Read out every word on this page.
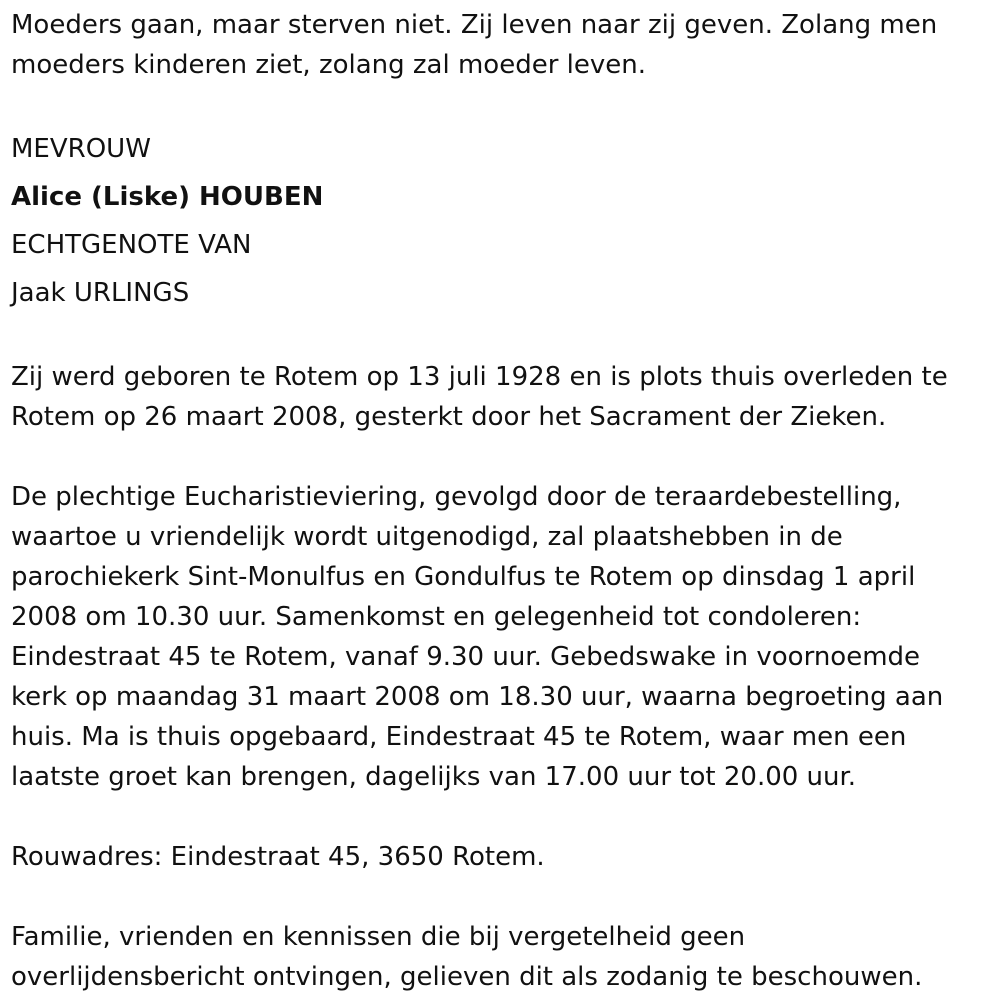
Moeders gaan, maar sterven niet. Zij leven naar zij geven. Zolang men
moeders kinderen ziet, zolang zal moeder leven.

MEVROUW

Alice (Liske) HOUBEN

ECHTGENOTE VAN

Jaak URLINGS

Zij werd geboren te Rotem op 13 juli 1928 en is plots thuis overleden te
Rotem op 26 maart 2008, gesterkt door het Sacrament der Zieken.

De plechtige Eucharistieviering, gevolgd door de teraardebestelling,
waartoe u vriendelijk wordt uitgenodigd, zal plaatshebben in de
parochiekerk Sint-Monulfus en Gondulfus te Rotem op dinsdag 1 april
2008 om 10.30 uur. Samenkomst en gelegenheid tot condoleren:
Eindestraat 45 te Rotem, vanaf 9.30 uur. Gebedswake in voornoemde
kerk op maandag 31 maart 2008 om 18.30 uur, waarna begroeting aan
huis. Ma is thuis opgebaard, Eindestraat 45 te Rotem, waar men een
laatste groet kan brengen, dagelijks van 17.00 uur tot 20.00 uur.

Rouwadres: Eindestraat 45, 3650 Rotem.

Familie, vrienden en kennissen die bij vergetelheid geen
overlijdensbericht ontvingen, gelieven dit als zodanig te beschouwen.
